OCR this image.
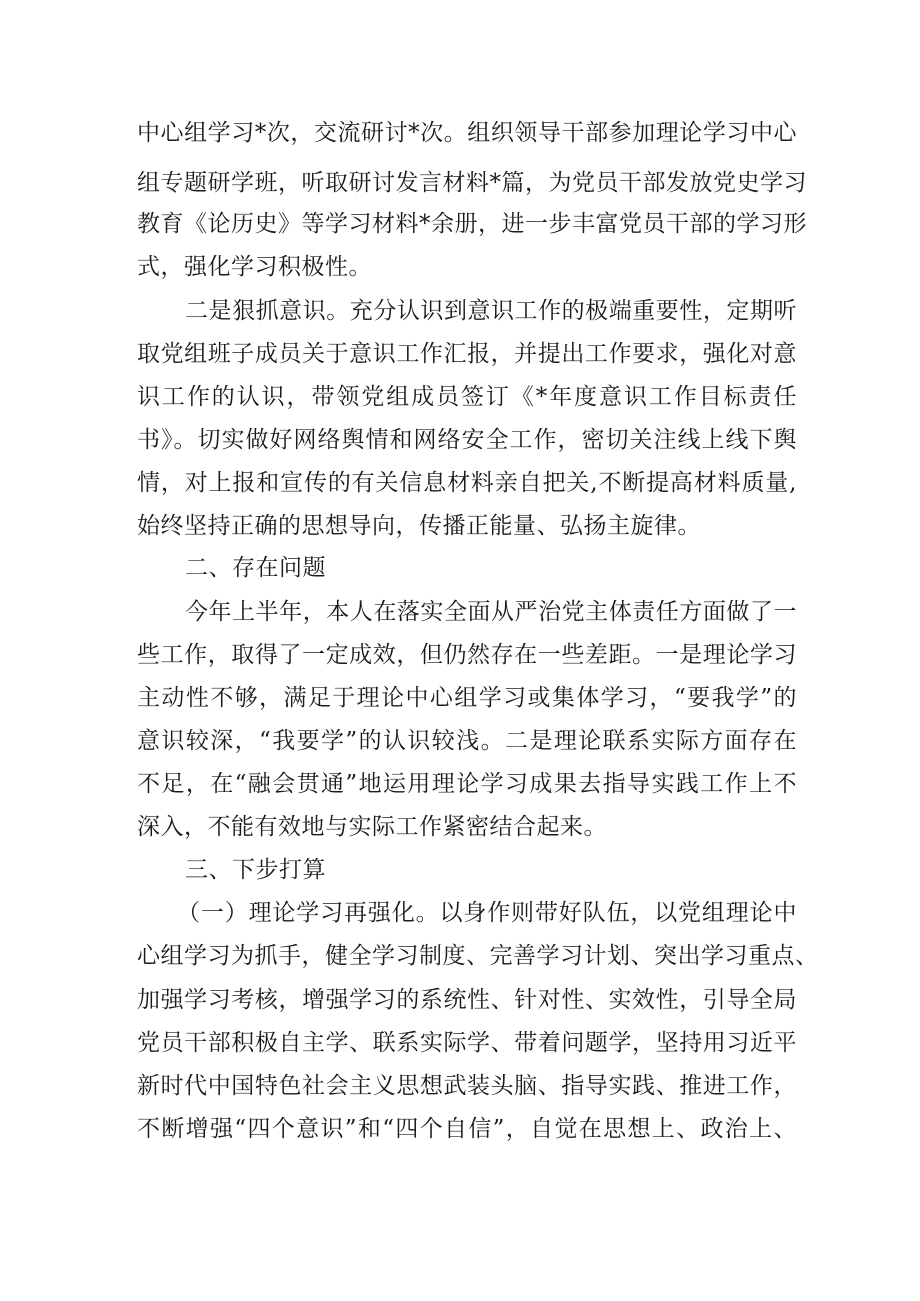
中心组学习*次，交流研讨*次。组织领导干部参加理论学习中心
组专题研学班，听取研讨发言材料*篇，为党员干部发放党史学习
教育《论历史》等学习材料*余册，进一步丰富党员干部的学习形
式，强化学习积极性。
二是狠抓意识。充分认识到意识工作的极端重要性，定期听
取党组班子成员关于意识工作汇报，并提出工作要求，强化对意
识工作的认识，带领党组成员签订《*年度意识工作目标责任
书》。切实做好网络舆情和网络安全工作，密切关注线上线下舆
情，对上报和宣传的有关信息材料亲自把关,不断提高材料质量,
始终坚持正确的思想导向，传播正能量、弘扬主旋律。
二、存在问题
今年上半年，本人在落实全面从严治党主体责任方面做了一
些工作，取得了一定成效，但仍然存在一些差距。一是理论学习
主动性不够，满足于理论中心组学习或集体学习，“要我学”的
意识较深，“我要学”的认识较浅。二是理论联系实际方面存在
不足，在“融会贯通”地运用理论学习成果去指导实践工作上不
深入，不能有效地与实际工作紧密结合起来。
三、下步打算
（一）理论学习再强化。以身作则带好队伍，以党组理论中
心组学习为抓手，健全学习制度、完善学习计划、突出学习重点、
加强学习考核，增强学习的系统性、针对性、实效性，引导全局
党员干部积极自主学、联系实际学、带着问题学，坚持用习近平
新时代中国特色社会主义思想武装头脑、指导实践、推进工作，
不断增强“四个意识”和“四个自信”，自觉在思想上、政治上、
